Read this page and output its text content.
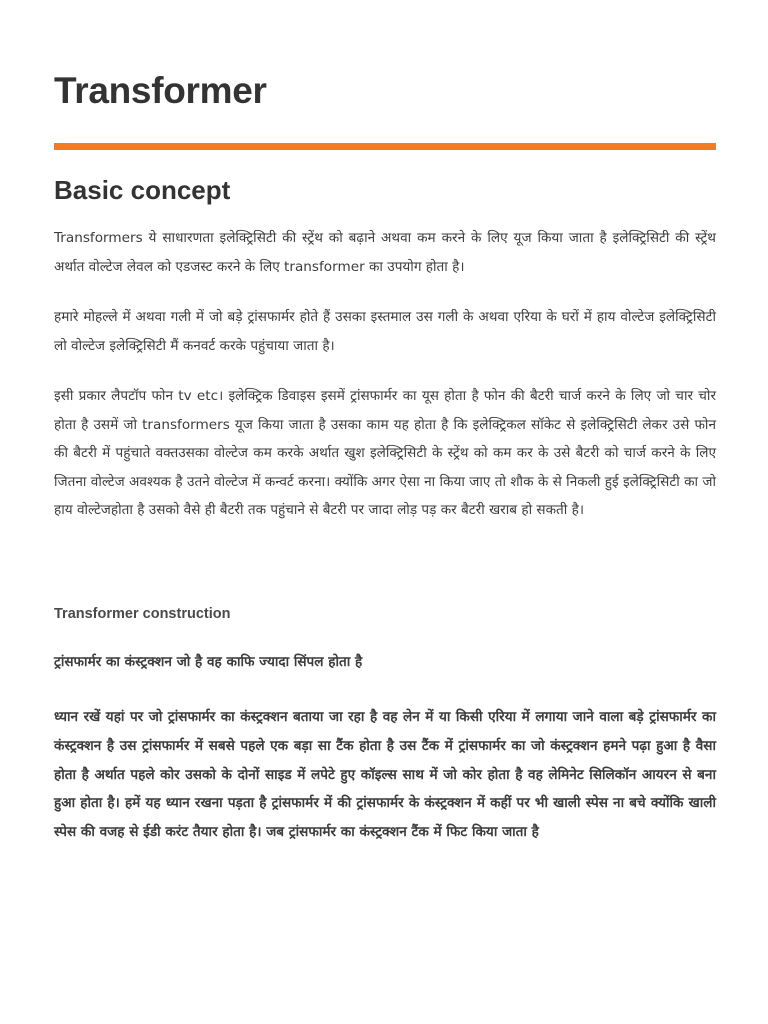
Transformer
Basic concept

Transformers ये साधारणता इलेक्ट्रिसिटी की स्ट्रेंथ को बढ़ाने अथवा कम करने के लिए यूज किया जाता है इलेक्ट्रिसिटी की स्ट्रेंथ अर्थात वोल्टेज लेवल को एडजस्ट करने के लिए transformer का उपयोग होता है।

हमारे मोहल्ले में अथवा गली में जो बड़े ट्रांसफार्मर होते हैं उसका इस्तमाल उस गली के अथवा एरिया के घरों में हाय वोल्टेज इलेक्ट्रिसिटी लो वोल्टेज इलेक्ट्रिसिटी मैं कनवर्ट करके पहुंचाया जाता है।

इसी प्रकार लैपटॉप फोन tv etc। इलेक्ट्रिक डिवाइस इसमें ट्रांसफार्मर का यूस होता है फोन की बैटरी चार्ज करने के लिए जो चार चोर होता है उसमें जो transformers यूज किया जाता है उसका काम यह होता है कि इलेक्ट्रिकल सॉकेट से इलेक्ट्रिसिटी लेकर उसे फोन की बैटरी में पहुंचाते वक्तउसका वोल्टेज कम करके अर्थात खुश इलेक्ट्रिसिटी के स्ट्रेंथ को कम कर के उसे बैटरी को चार्ज करने के लिए जितना वोल्टेज अवश्यक है उतने वोल्टेज में कन्वर्ट करना। क्योंकि अगर ऐसा ना किया जाए तो शौक के से निकली हुई इलेक्ट्रिसिटी का जो हाय वोल्टेजहोता है उसको वैसे ही बैटरी तक पहुंचाने से बैटरी पर जादा लोड़ पड़ कर बैटरी खराब हो सकती है।

Transformer construction

ट्रांसफार्मर का कंस्ट्रक्शन जो है वह काफि ज्यादा सिंपल होता है

ध्यान रखें यहां पर जो ट्रांसफार्मर का कंस्ट्रक्शन बताया जा रहा है वह लेन में या किसी एरिया में लगाया जाने वाला बड़े ट्रांसफार्मर का कंस्ट्रक्शन है उस ट्रांसफार्मर में सबसे पहले एक बड़ा सा टैंक होता है उस टैंक में ट्रांसफार्मर का जो कंस्ट्रक्शन हमने पढ़ा हुआ है वैसा होता है अर्थात पहले कोर उसको के दोनों साइड में लपेटे हुए कॉइल्स साथ में जो कोर होता है वह लेमिनेट सिलिकॉन आयरन से बना हुआ होता है। हमें यह ध्यान रखना पड़ता है ट्रांसफार्मर में की ट्रांसफार्मर के कंस्ट्रक्शन में कहीं पर भी खाली स्पेस ना बचे क्योंकि खाली स्पेस की वजह से ईडी करंट तैयार होता है। जब ट्रांसफार्मर का कंस्ट्रक्शन टैंक में फिट किया जाता है
